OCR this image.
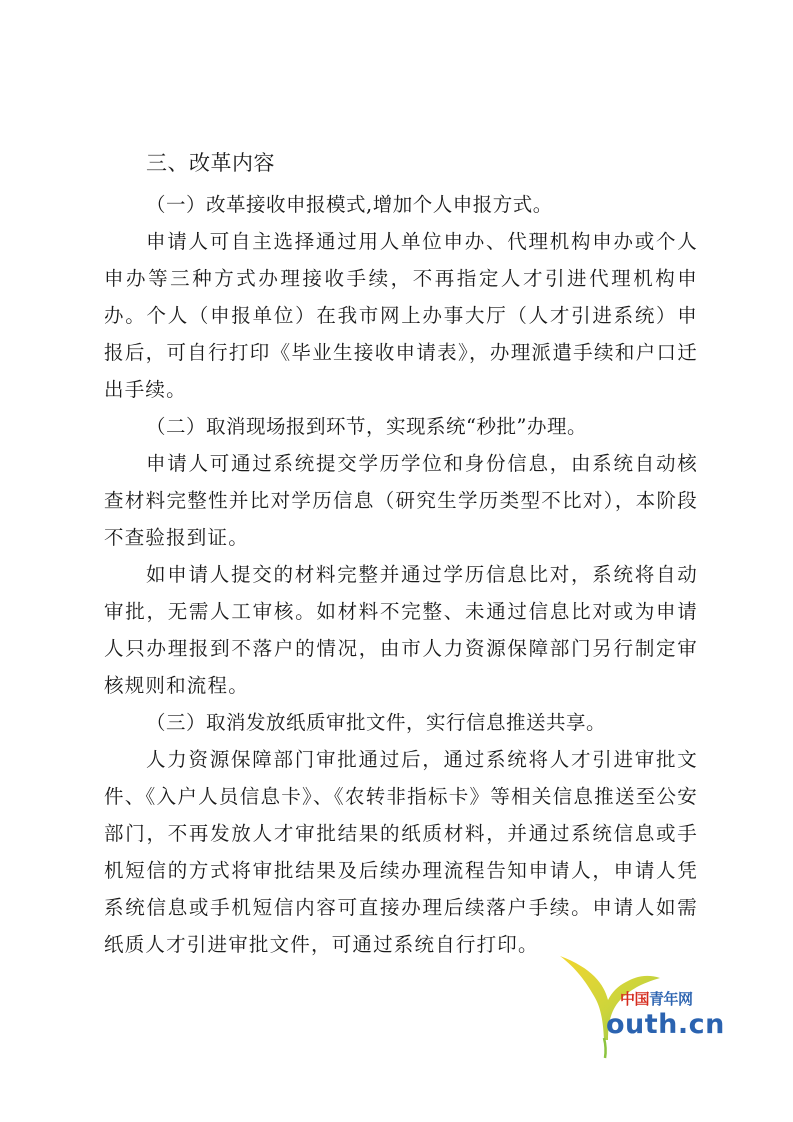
三、改革内容

（一）改革接收申报模式,增加个人申报方式。

申请人可自主选择通过用人单位申办、代理机构申办或个人申办等三种方式办理接收手续，不再指定人才引进代理机构申办。个人（申报单位）在我市网上办事大厅（人才引进系统）申报后，可自行打印《毕业生接收申请表》，办理派遣手续和户口迁出手续。

（二）取消现场报到环节，实现系统“秒批”办理。

申请人可通过系统提交学历学位和身份信息，由系统自动核查材料完整性并比对学历信息（研究生学历类型不比对），本阶段不查验报到证。

如申请人提交的材料完整并通过学历信息比对，系统将自动审批，无需人工审核。如材料不完整、未通过信息比对或为申请人只办理报到不落户的情况，由市人力资源保障部门另行制定审核规则和流程。

（三）取消发放纸质审批文件，实行信息推送共享。

人力资源保障部门审批通过后，通过系统将人才引进审批文件、《入户人员信息卡》、《农转非指标卡》等相关信息推送至公安部门，不再发放人才审批结果的纸质材料，并通过系统信息或手机短信的方式将审批结果及后续办理流程告知申请人，申请人凭系统信息或手机短信内容可直接办理后续落户手续。申请人如需纸质人才引进审批文件，可通过系统自行打印。

中国青年网
outh.cn
